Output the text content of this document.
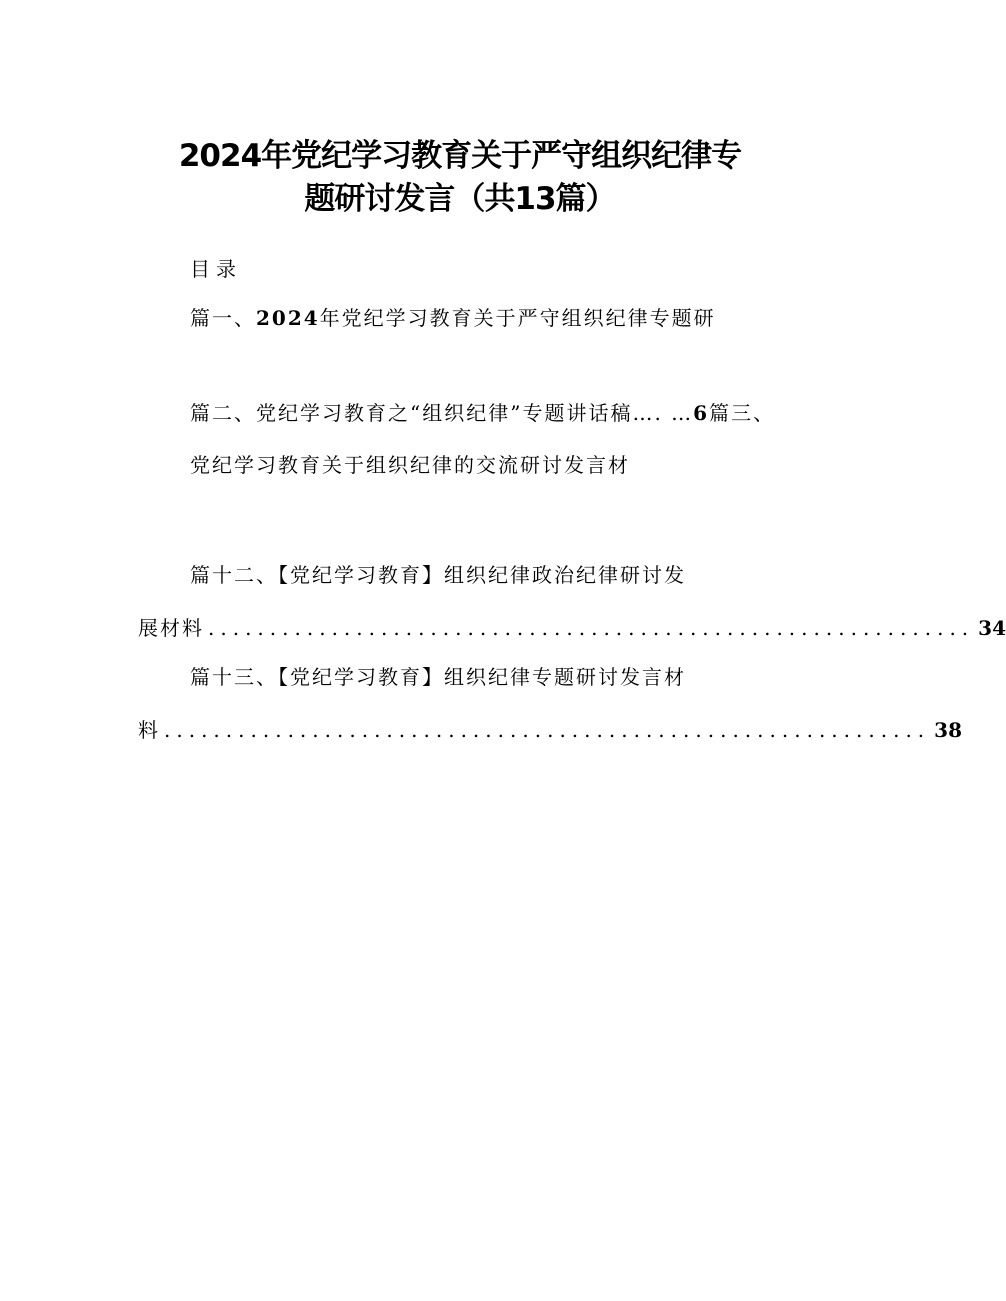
2024年党纪学习教育关于严守组织纪律专
题研讨发言（共13篇）
目录
篇一、2024年党纪学习教育关于严守组织纪律专题研
篇二、党纪学习教育之“组织纪律”专题讲话稿…. …6篇三、
党纪学习教育关于组织纪律的交流研讨发言材
篇十二、【党纪学习教育】组织纪律政治纪律研讨发
展材料 .............................................................. 34
篇十三、【党纪学习教育】组织纪律专题研讨发言材
料 .............................................................. 38
